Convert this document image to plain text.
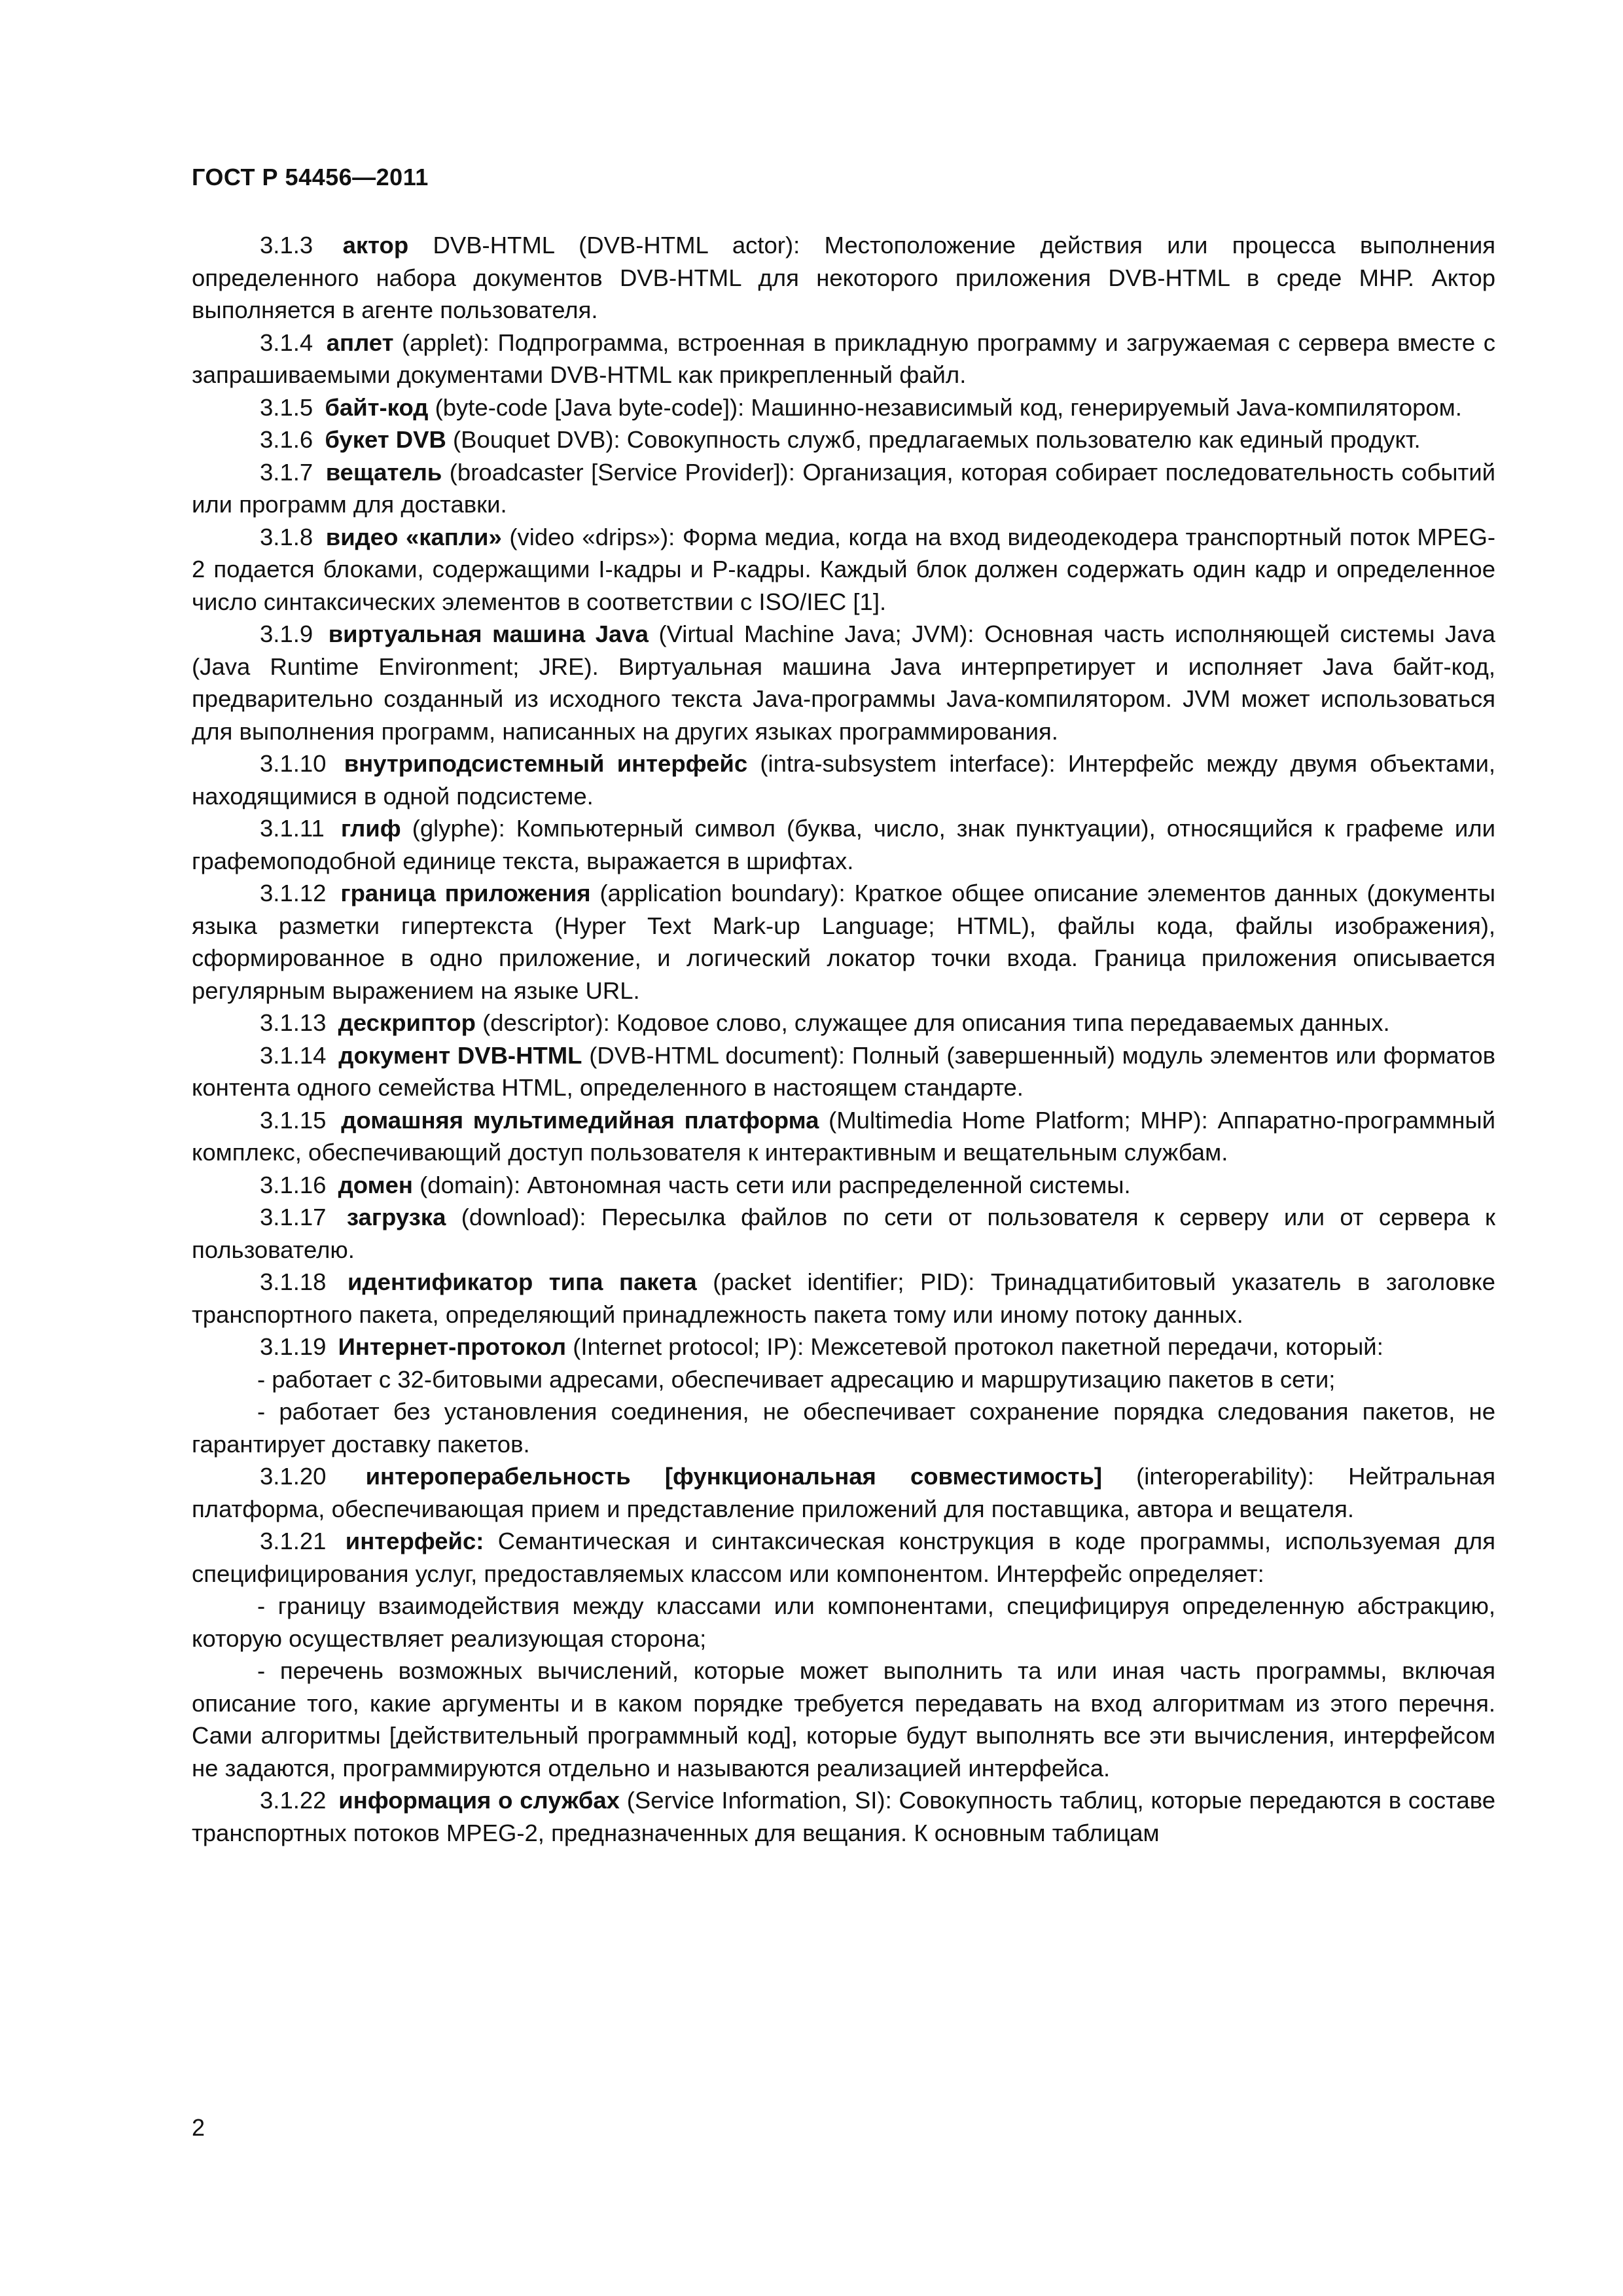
ГОСТ Р 54456—2011

3.1.3 актор DVB-HTML (DVB-HTML actor): Местоположение действия или процесса выполнения определенного набора документов DVB-HTML для некоторого приложения DVB-HTML в среде МНР. Актор выполняется в агенте пользователя.

3.1.4 аплет (applet): Подпрограмма, встроенная в прикладную программу и загружаемая с сервера вместе с запрашиваемыми документами DVB-HTML как прикрепленный файл.

3.1.5 байт-код (byte-code [Java byte-code]): Машинно-независимый код, генерируемый Java-компилятором.

3.1.6 букет DVB (Bouquet DVB): Совокупность служб, предлагаемых пользователю как единый продукт.

3.1.7 вещатель (broadcaster [Service Provider]): Организация, которая собирает последовательность событий или программ для доставки.

3.1.8 видео «капли» (video «drips»): Форма медиа, когда на вход видеодекодера транспортный поток MPEG-2 подается блоками, содержащими I-кадры и Р-кадры. Каждый блок должен содержать один кадр и определенное число синтаксических элементов в соответствии с ISO/IEC [1].

3.1.9 виртуальная машина Java (Virtual Machine Java; JVM): Основная часть исполняющей системы Java (Java Runtime Environment; JRE). Виртуальная машина Java интерпретирует и исполняет Java байт-код, предварительно созданный из исходного текста Java-программы Java-компилятором. JVM может использоваться для выполнения программ, написанных на других языках программирования.

3.1.10 внутриподсистемный интерфейс (intra-subsystem interface): Интерфейс между двумя объектами, находящимися в одной подсистеме.

3.1.11 глиф (glyphe): Компьютерный символ (буква, число, знак пунктуации), относящийся к графеме или графемоподобной единице текста, выражается в шрифтах.

3.1.12 граница приложения (application boundary): Краткое общее описание элементов данных (документы языка разметки гипертекста (Hyper Text Mark-up Language; HTML), файлы кода, файлы изображения), сформированное в одно приложение, и логический локатор точки входа. Граница приложения описывается регулярным выражением на языке URL.

3.1.13 дескриптор (descriptor): Кодовое слово, служащее для описания типа передаваемых данных.

3.1.14 документ DVB-HTML (DVB-HTML document): Полный (завершенный) модуль элементов или форматов контента одного семейства HTML, определенного в настоящем стандарте.

3.1.15 домашняя мультимедийная платформа (Multimedia Home Platform; МНР): Аппаратно-программный комплекс, обеспечивающий доступ пользователя к интерактивным и вещательным службам.

3.1.16 домен (domain): Автономная часть сети или распределенной системы.

3.1.17 загрузка (download): Пересылка файлов по сети от пользователя к серверу или от сервера к пользователю.

3.1.18 идентификатор типа пакета (packet identifier; PID): Тринадцатибитовый указатель в заголовке транспортного пакета, определяющий принадлежность пакета тому или иному потоку данных.

3.1.19 Интернет-протокол (Internet protocol; IP): Межсетевой протокол пакетной передачи, который:

- работает с 32-битовыми адресами, обеспечивает адресацию и маршрутизацию пакетов в сети;

- работает без установления соединения, не обеспечивает сохранение порядка следования пакетов, не гарантирует доставку пакетов.

3.1.20 интероперабельность [функциональная совместимость] (interoperability): Нейтральная платформа, обеспечивающая прием и представление приложений для поставщика, автора и вещателя.

3.1.21 интерфейс: Семантическая и синтаксическая конструкция в коде программы, используемая для специфицирования услуг, предоставляемых классом или компонентом. Интерфейс определяет:

- границу взаимодействия между классами или компонентами, специфицируя определенную абстракцию, которую осуществляет реализующая сторона;

- перечень возможных вычислений, которые может выполнить та или иная часть программы, включая описание того, какие аргументы и в каком порядке требуется передавать на вход алгоритмам из этого перечня. Сами алгоритмы [действительный программный код], которые будут выполнять все эти вычисления, интерфейсом не задаются, программируются отдельно и называются реализацией интерфейса.

3.1.22 информация о службах (Service Information, SI): Совокупность таблиц, которые передаются в составе транспортных потоков MPEG-2, предназначенных для вещания. К основным таблицам

2
